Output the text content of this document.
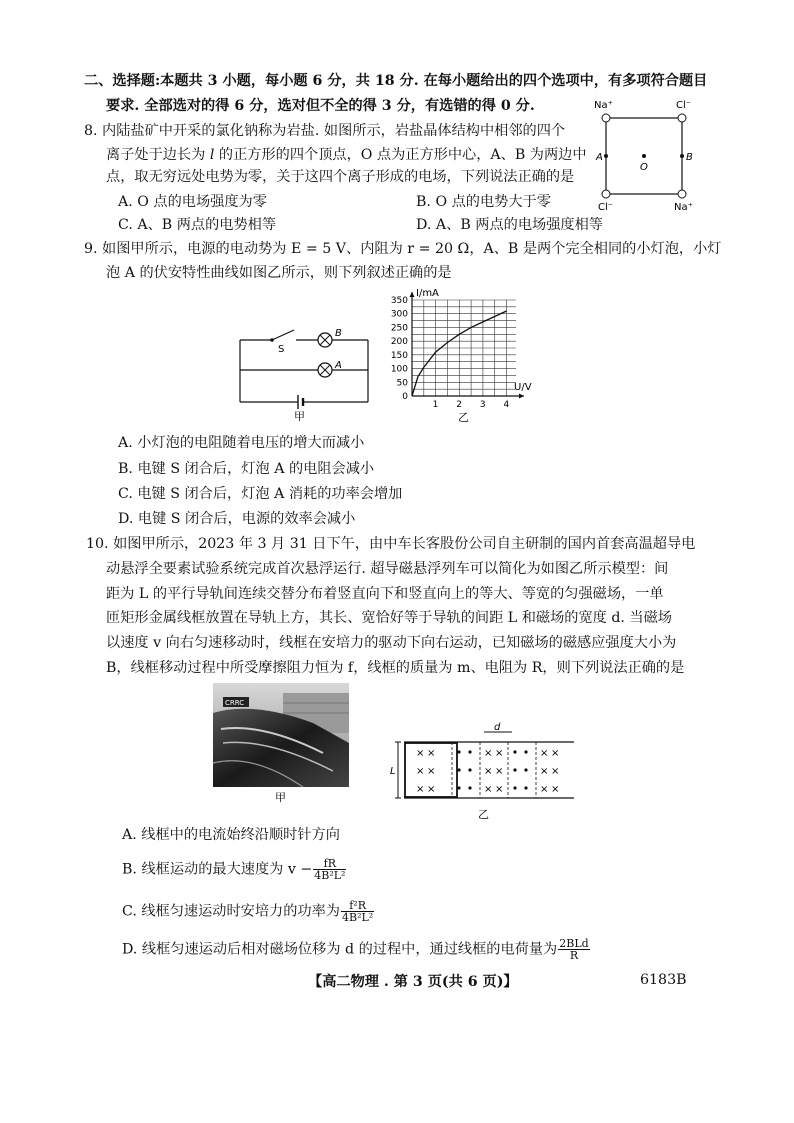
二、选择题:本题共 3 小题，每小题 6 分，共 18 分. 在每小题给出的四个选项中，有多项符合题目
要求. 全部选对的得 6 分，选对但不全的得 3 分，有选错的得 0 分.
8. 内陆盐矿中开采的氯化钠称为岩盐. 如图所示，岩盐晶体结构中相邻的四个
离子处于边长为 l 的正方形的四个顶点，O 点为正方形中心，A、B 为两边中
点，取无穷远处电势为零，关于这四个离子形成的电场，下列说法正确的是
A. O 点的电场强度为零	B. O 点的电势大于零
C. A、B 两点的电势相等	D. A、B 两点的电场强度相等
Na⁺	Cl⁻
Cl⁻	Na⁺
A	B
O
9. 如图甲所示，电源的电动势为 E = 5 V、内阻为 r = 20 Ω，A、B 是两个完全相同的小灯泡，小灯
泡 A 的伏安特性曲线如图乙所示，则下列叙述正确的是
S
B
A
甲
1 2 3 4
0
50
100
150
200
250
300
350
I/mA
U/V
乙
A. 小灯泡的电阻随着电压的增大而减小
B. 电键 S 闭合后，灯泡 A 的电阻会减小
C. 电键 S 闭合后，灯泡 A 消耗的功率会增加
D. 电键 S 闭合后，电源的效率会减小
10. 如图甲所示，2023 年 3 月 31 日下午，由中车长客股份公司自主研制的国内首套高温超导电
动悬浮全要素试验系统完成首次悬浮运行. 超导磁悬浮列车可以简化为如图乙所示模型：间
距为 L 的平行导轨间连续交替分布着竖直向下和竖直向上的等大、等宽的匀强磁场，一单
匝矩形金属线框放置在导轨上方，其长、宽恰好等于导轨的间距 L 和磁场的宽度 d. 当磁场
以速度 v 向右匀速移动时，线框在安培力的驱动下向右运动，已知磁场的磁感应强度大小为
B，线框移动过程中所受摩擦阻力恒为 f，线框的质量为 m、电阻为 R，则下列说法正确的是
CRRC
甲
× ×
× ×
× ×
× ×
× ×
× ×
× ×
× ×
× ×
d
L
乙
A. 线框中的电流始终沿顺时针方向
B. 线框运动的最大速度为 $v - \frac{fR}{\text{4B²L²}}$
C. 线框匀速运动时安培力的功率为 $\frac{\text{f²R}}{\text{4B²L²}}$
D. 线框匀速运动后相对磁场位移为 d 的过程中，通过线框的电荷量为 $\frac{\text{2BLd}}{R}$
【高二物理 . 第 3 页(共 6 页)】	6183B
